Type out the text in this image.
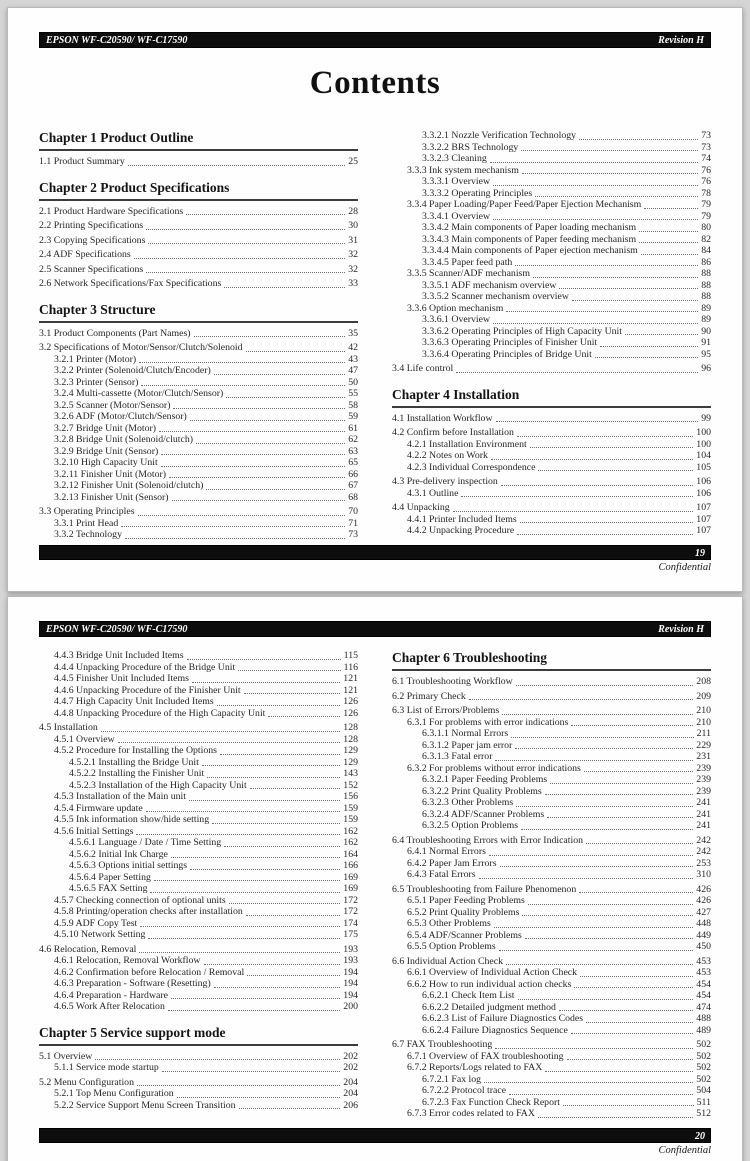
EPSON WF-C20590/ WF-C17590	Revision H
Contents
Chapter 1 Product Outline
1.1 Product Summary	25
Chapter 2 Product Specifications
2.1 Product Hardware Specifications	28
2.2 Printing Specifications	30
2.3 Copying Specifications	31
2.4 ADF Specifications	32
2.5 Scanner Specifications	32
2.6 Network Specifications/Fax Specifications	33
Chapter 3 Structure
3.1 Product Components (Part Names)	35
3.2 Specifications of Motor/Sensor/Clutch/Solenoid	42
3.2.1 Printer (Motor)	43
3.2.2 Printer (Solenoid/Clutch/Encoder)	47
3.2.3 Printer (Sensor)	50
3.2.4 Multi-cassette (Motor/Clutch/Sensor)	55
3.2.5 Scanner (Motor/Sensor)	58
3.2.6 ADF (Motor/Clutch/Sensor)	59
3.2.7 Bridge Unit (Motor)	61
3.2.8 Bridge Unit (Solenoid/clutch)	62
3.2.9 Bridge Unit (Sensor)	63
3.2.10 High Capacity Unit	65
3.2.11 Finisher Unit (Motor)	66
3.2.12 Finisher Unit (Solenoid/clutch)	67
3.2.13 Finisher Unit (Sensor)	68
3.3 Operating Principles	70
3.3.1 Print Head	71
3.3.2 Technology	73
3.3.2.1 Nozzle Verification Technology	73
3.3.2.2 BRS Technology	73
3.3.2.3 Cleaning	74
3.3.3 Ink system mechanism	76
3.3.3.1 Overview	76
3.3.3.2 Operating Principles	78
3.3.4 Paper Loading/Paper Feed/Paper Ejection Mechanism	79
3.3.4.1 Overview	79
3.3.4.2 Main components of Paper loading mechanism	80
3.3.4.3 Main components of Paper feeding mechanism	82
3.3.4.4 Main components of Paper ejection mechanism	84
3.3.4.5 Paper feed path	86
3.3.5 Scanner/ADF mechanism	88
3.3.5.1 ADF mechanism overview	88
3.3.5.2 Scanner mechanism overview	88
3.3.6 Option mechanism	89
3.3.6.1 Overview	89
3.3.6.2 Operating Principles of High Capacity Unit	90
3.3.6.3 Operating Principles of Finisher Unit	91
3.3.6.4 Operating Principles of Bridge Unit	95
3.4 Life control	96
Chapter 4 Installation
4.1 Installation Workflow	99
4.2 Confirm before Installation	100
4.2.1 Installation Environment	100
4.2.2 Notes on Work	104
4.2.3 Individual Correspondence	105
4.3 Pre-delivery inspection	106
4.3.1 Outline	106
4.4 Unpacking	107
4.4.1 Printer Included Items	107
4.4.2 Unpacking Procedure	107
19
Confidential
EPSON WF-C20590/ WF-C17590	Revision H
4.4.3 Bridge Unit Included Items	115
4.4.4 Unpacking Procedure of the Bridge Unit	116
4.4.5 Finisher Unit Included Items	121
4.4.6 Unpacking Procedure of the Finisher Unit	121
4.4.7 High Capacity Unit Included Items	126
4.4.8 Unpacking Procedure of the High Capacity Unit	126
4.5 Installation	128
4.5.1 Overview	128
4.5.2 Procedure for Installing the Options	129
4.5.2.1 Installing the Bridge Unit	129
4.5.2.2 Installing the Finisher Unit	143
4.5.2.3 Installation of the High Capacity Unit	152
4.5.3 Installation of the Main unit	156
4.5.4 Firmware update	159
4.5.5 Ink information show/hide setting	159
4.5.6 Initial Settings	162
4.5.6.1 Language / Date / Time Setting	162
4.5.6.2 Initial Ink Charge	164
4.5.6.3 Options initial settings	166
4.5.6.4 Paper Setting	169
4.5.6.5 FAX Setting	169
4.5.7 Checking connection of optional units	172
4.5.8 Printing/operation checks after installation	172
4.5.9 ADF Copy Test	174
4.5.10 Network Setting	175
4.6 Relocation, Removal	193
4.6.1 Relocation, Removal Workflow	193
4.6.2 Confirmation before Relocation / Removal	194
4.6.3 Preparation - Software (Resetting)	194
4.6.4 Preparation - Hardware	194
4.6.5 Work After Relocation	200
Chapter 5 Service support mode
5.1 Overview	202
5.1.1 Service mode startup	202
5.2 Menu Configuration	204
5.2.1 Top Menu Configuration	204
5.2.2 Service Support Menu Screen Transition	206
Chapter 6 Troubleshooting
6.1 Troubleshooting Workflow	208
6.2 Primary Check	209
6.3 List of Errors/Problems	210
6.3.1 For problems with error indications	210
6.3.1.1 Normal Errors	211
6.3.1.2 Paper jam error	229
6.3.1.3 Fatal error	231
6.3.2 For problems without error indications	239
6.3.2.1 Paper Feeding Problems	239
6.3.2.2 Print Quality Problems	239
6.3.2.3 Other Problems	241
6.3.2.4 ADF/Scanner Problems	241
6.3.2.5 Option Problems	241
6.4 Troubleshooting Errors with Error Indication	242
6.4.1 Normal Errors	242
6.4.2 Paper Jam Errors	253
6.4.3 Fatal Errors	310
6.5 Troubleshooting from Failure Phenomenon	426
6.5.1 Paper Feeding Problems	426
6.5.2 Print Quality Problems	427
6.5.3 Other Problems	448
6.5.4 ADF/Scanner Problems	449
6.5.5 Option Problems	450
6.6 Individual Action Check	453
6.6.1 Overview of Individual Action Check	453
6.6.2 How to run individual action checks	454
6.6.2.1 Check Item List	454
6.6.2.2 Detailed judgment method	474
6.6.2.3 List of Failure Diagnostics Codes	488
6.6.2.4 Failure Diagnostics Sequence	489
6.7 FAX Troubleshooting	502
6.7.1 Overview of FAX troubleshooting	502
6.7.2 Reports/Logs related to FAX	502
6.7.2.1 Fax log	502
6.7.2.2 Protocol trace	504
6.7.2.3 Fax Function Check Report	511
6.7.3 Error codes related to FAX	512
20
Confidential
